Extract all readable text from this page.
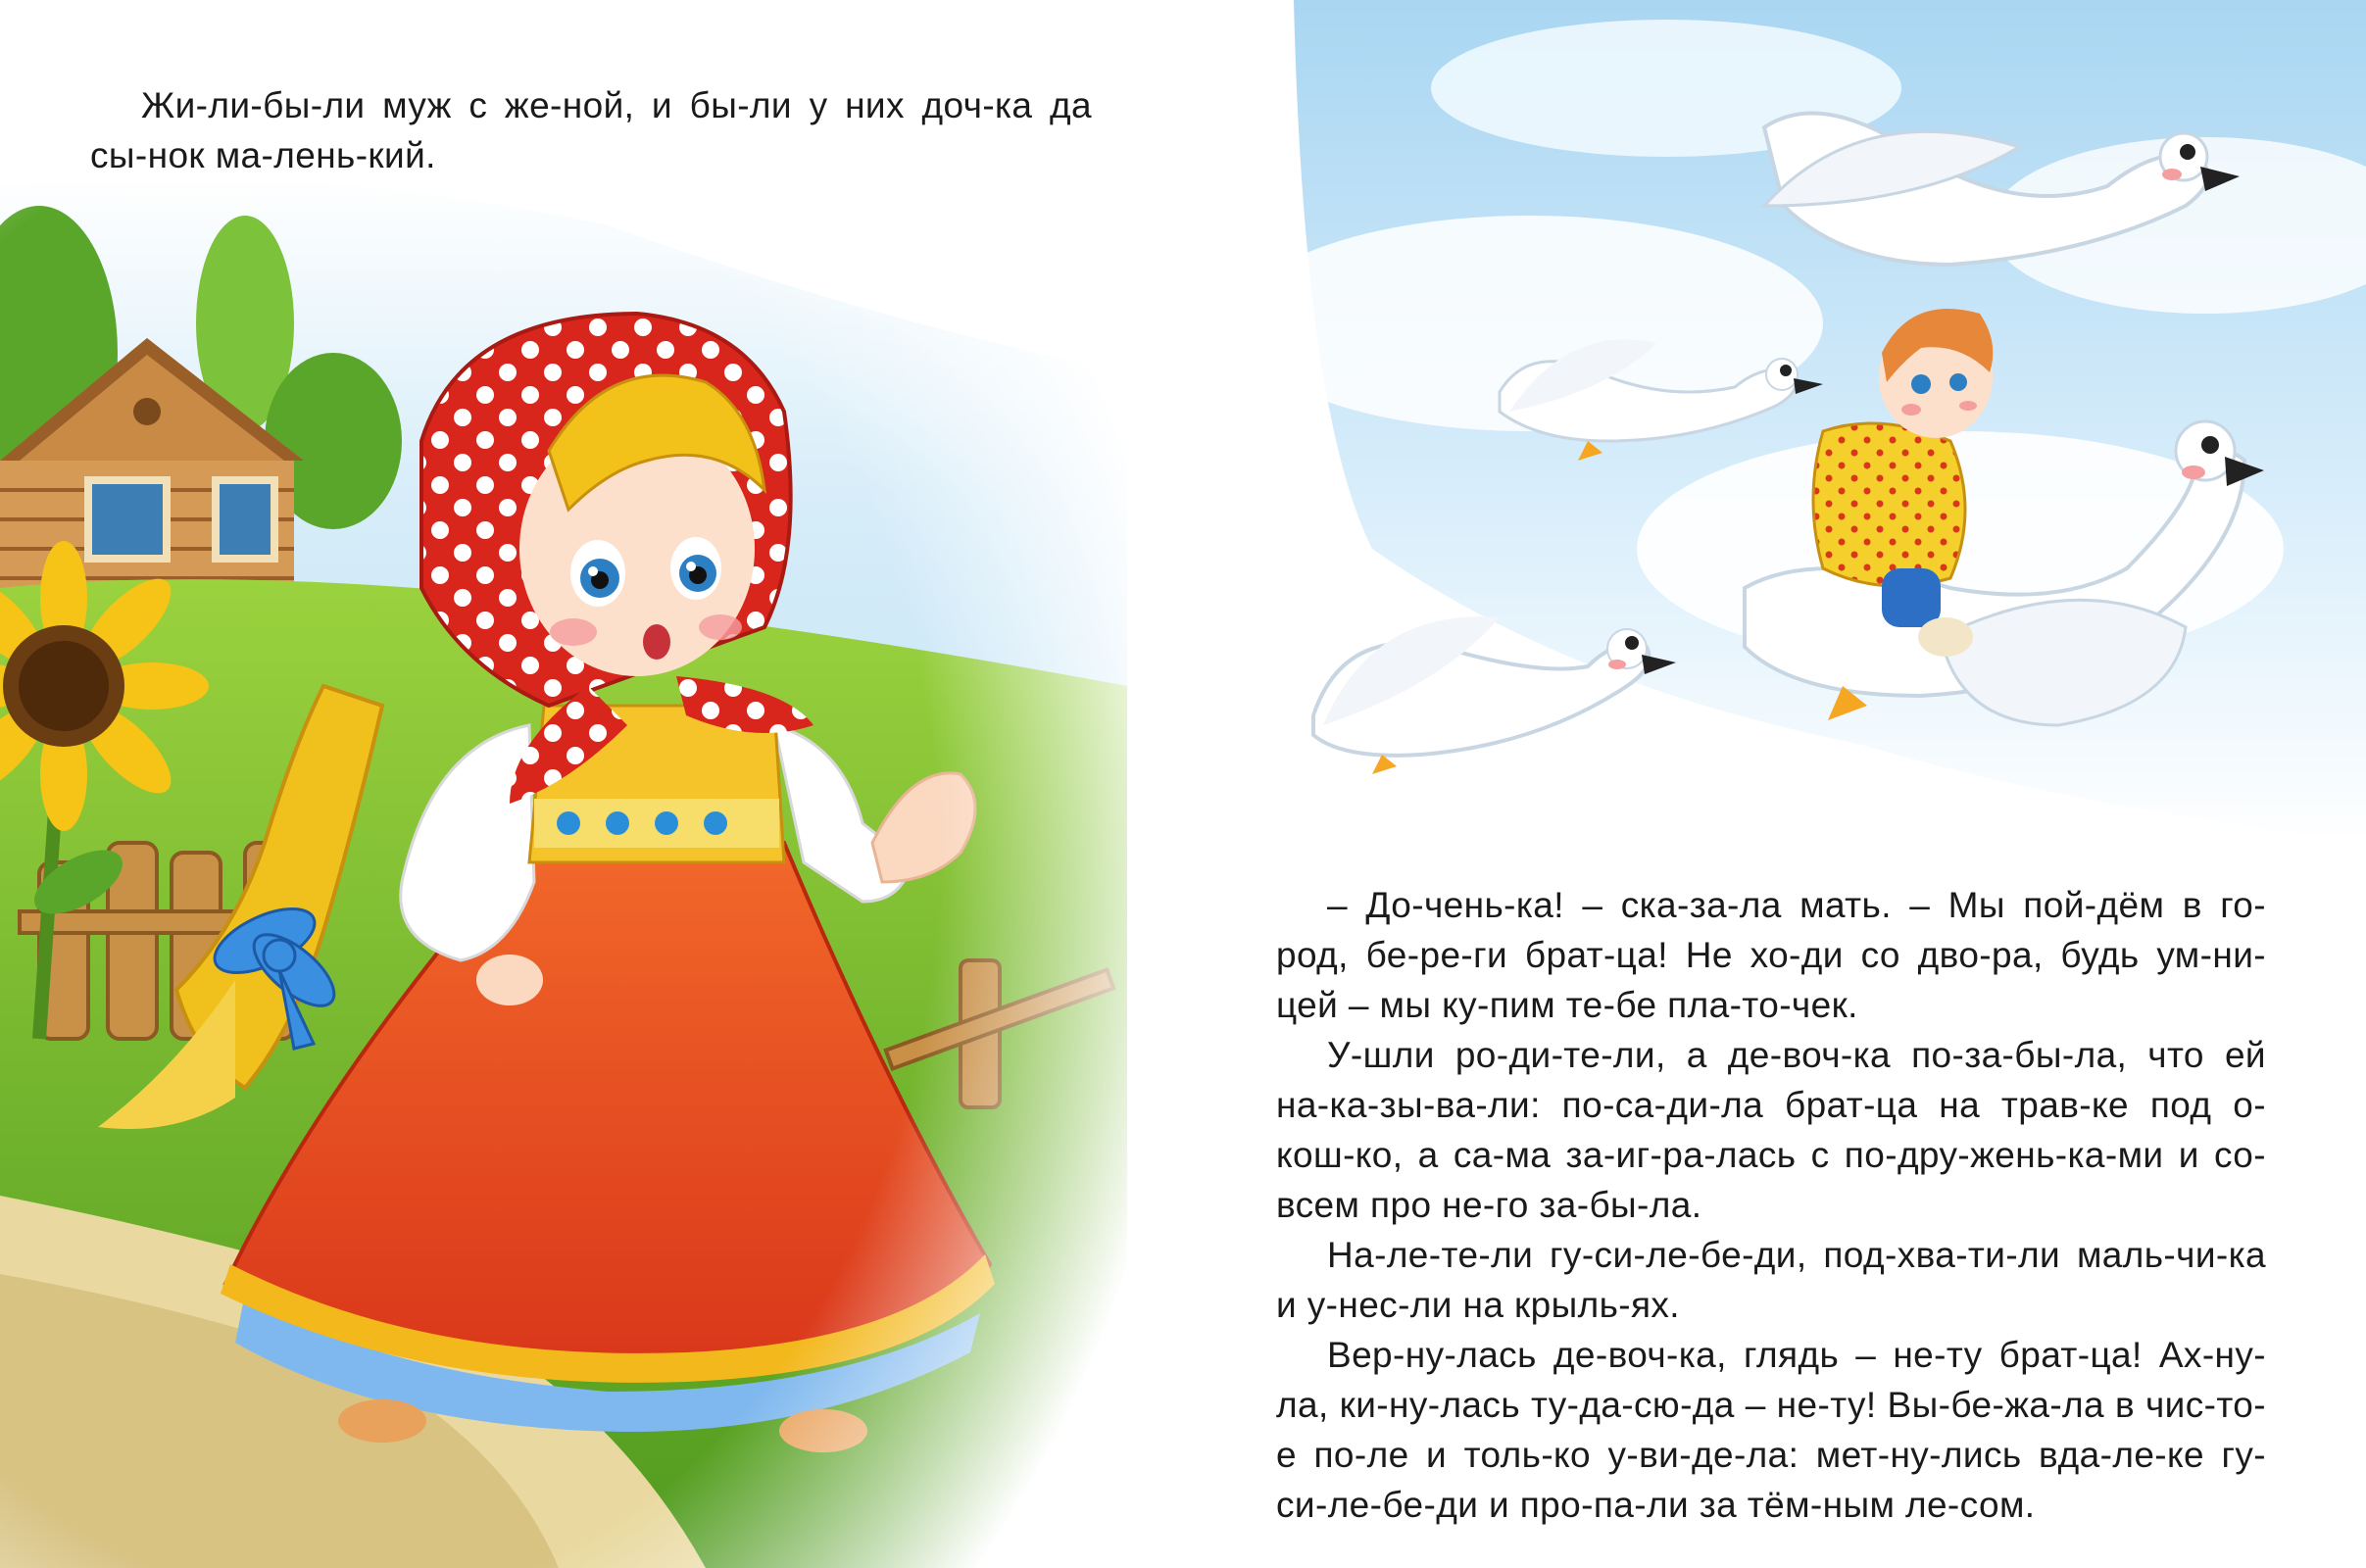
Жи-ли-бы-ли муж с же-ной, и бы-ли у них доч-ка да сы-нок ма-лень-кий.

– До-чень-ка! – ска-за-ла мать. – Мы пой-дём в го-род, бе-ре-ги брат-ца! Не хо-ди со дво-ра, будь ум-ни-цей – мы ку-пим те-бе пла-то-чек.

У-шли ро-ди-те-ли, а де-воч-ка по-за-бы-ла, что ей на-ка-зы-ва-ли: по-са-ди-ла брат-ца на трав-ке под о-кош-ко, а са-ма за-иг-ра-лась с по-дру-жень-ка-ми и со-всем про не-го за-бы-ла.

На-ле-те-ли гу-си-ле-бе-ди, под-хва-ти-ли маль-чи-ка и у-нес-ли на крыль-ях.

Вер-ну-лась де-воч-ка, глядь – не-ту брат-ца! Ах-ну-ла, ки-ну-лась ту-да-сю-да – не-ту! Вы-бе-жа-ла в чис-то-е по-ле и толь-ко у-ви-де-ла: мет-ну-лись вда-ле-ке гу-си-ле-бе-ди и про-па-ли за тём-ным ле-сом.
